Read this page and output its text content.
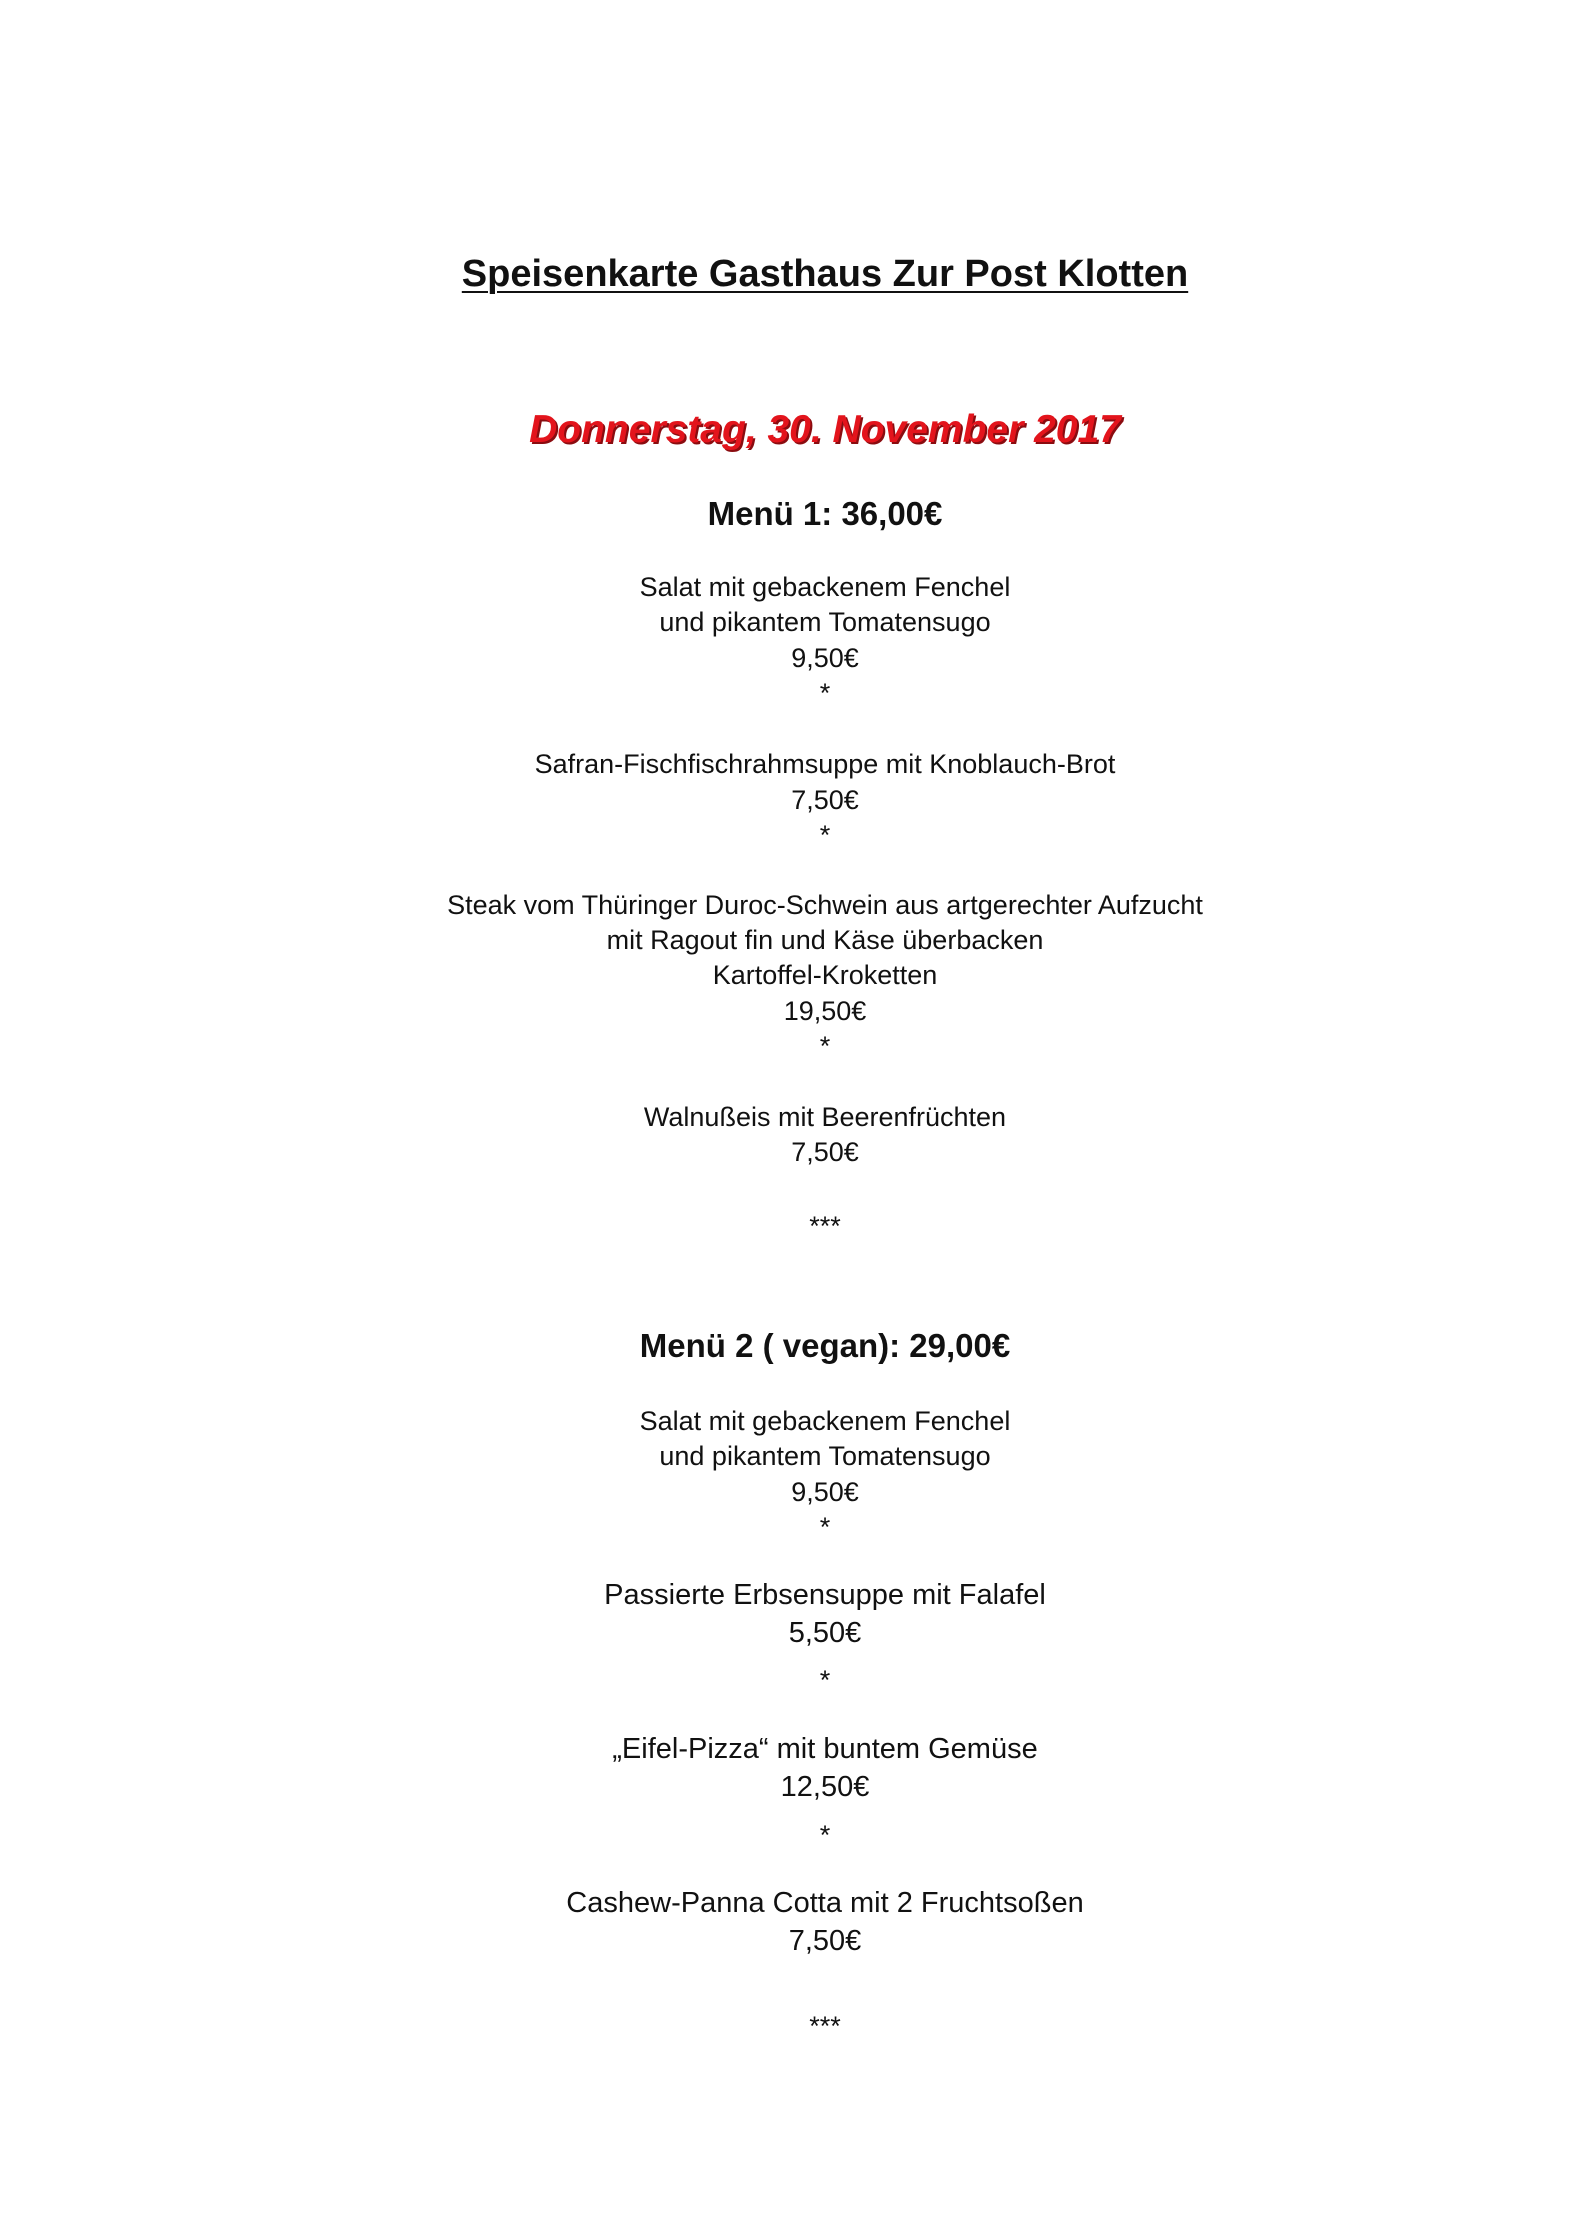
Speisenkarte Gasthaus Zur Post Klotten
Donnerstag, 30. November 2017
Menü 1: 36,00€
Salat mit gebackenem Fenchel
und pikantem Tomatensugo
9,50€
*
Safran-Fischfischrahmsuppe mit Knoblauch-Brot
7,50€
*
Steak vom Thüringer Duroc-Schwein aus artgerechter Aufzucht
mit Ragout fin und Käse überbacken
Kartoffel-Kroketten
19,50€
*
Walnußeis mit Beerenfrüchten
7,50€
***
Menü 2 ( vegan): 29,00€
Salat mit gebackenem Fenchel
und pikantem Tomatensugo
9,50€
*
Passierte Erbsensuppe mit Falafel
5,50€
*
„Eifel-Pizza“ mit buntem Gemüse
12,50€
*
Cashew-Panna Cotta mit 2 Fruchtsoßen
7,50€
***
